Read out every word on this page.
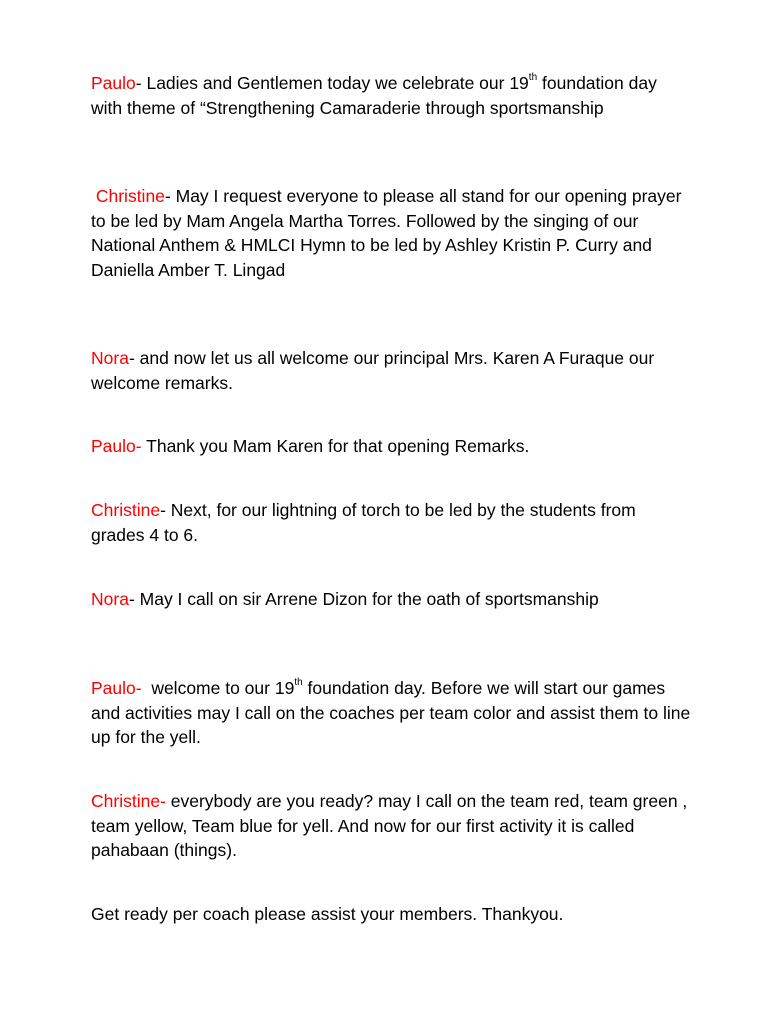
Paulo- Ladies and Gentlemen today we celebrate our 19th foundation day with theme of “Strengthening Camaraderie through sportsmanship

Christine- May I request everyone to please all stand for our opening prayer to be led by Mam Angela Martha Torres. Followed by the singing of our National Anthem & HMLCI Hymn to be led by Ashley Kristin P. Curry and Daniella Amber T. Lingad

Nora- and now let us all welcome our principal Mrs. Karen A Furaque our welcome remarks.

Paulo- Thank you Mam Karen for that opening Remarks.

Christine- Next, for our lightning of torch to be led by the students from grades 4 to 6.

Nora- May I call on sir Arrene Dizon for the oath of sportsmanship

Paulo-  welcome to our 19th foundation day. Before we will start our games and activities may I call on the coaches per team color and assist them to line up for the yell.

Christine- everybody are you ready? may I call on the team red, team green , team yellow, Team blue for yell. And now for our first activity it is called pahabaan (things).

Get ready per coach please assist your members. Thankyou.
